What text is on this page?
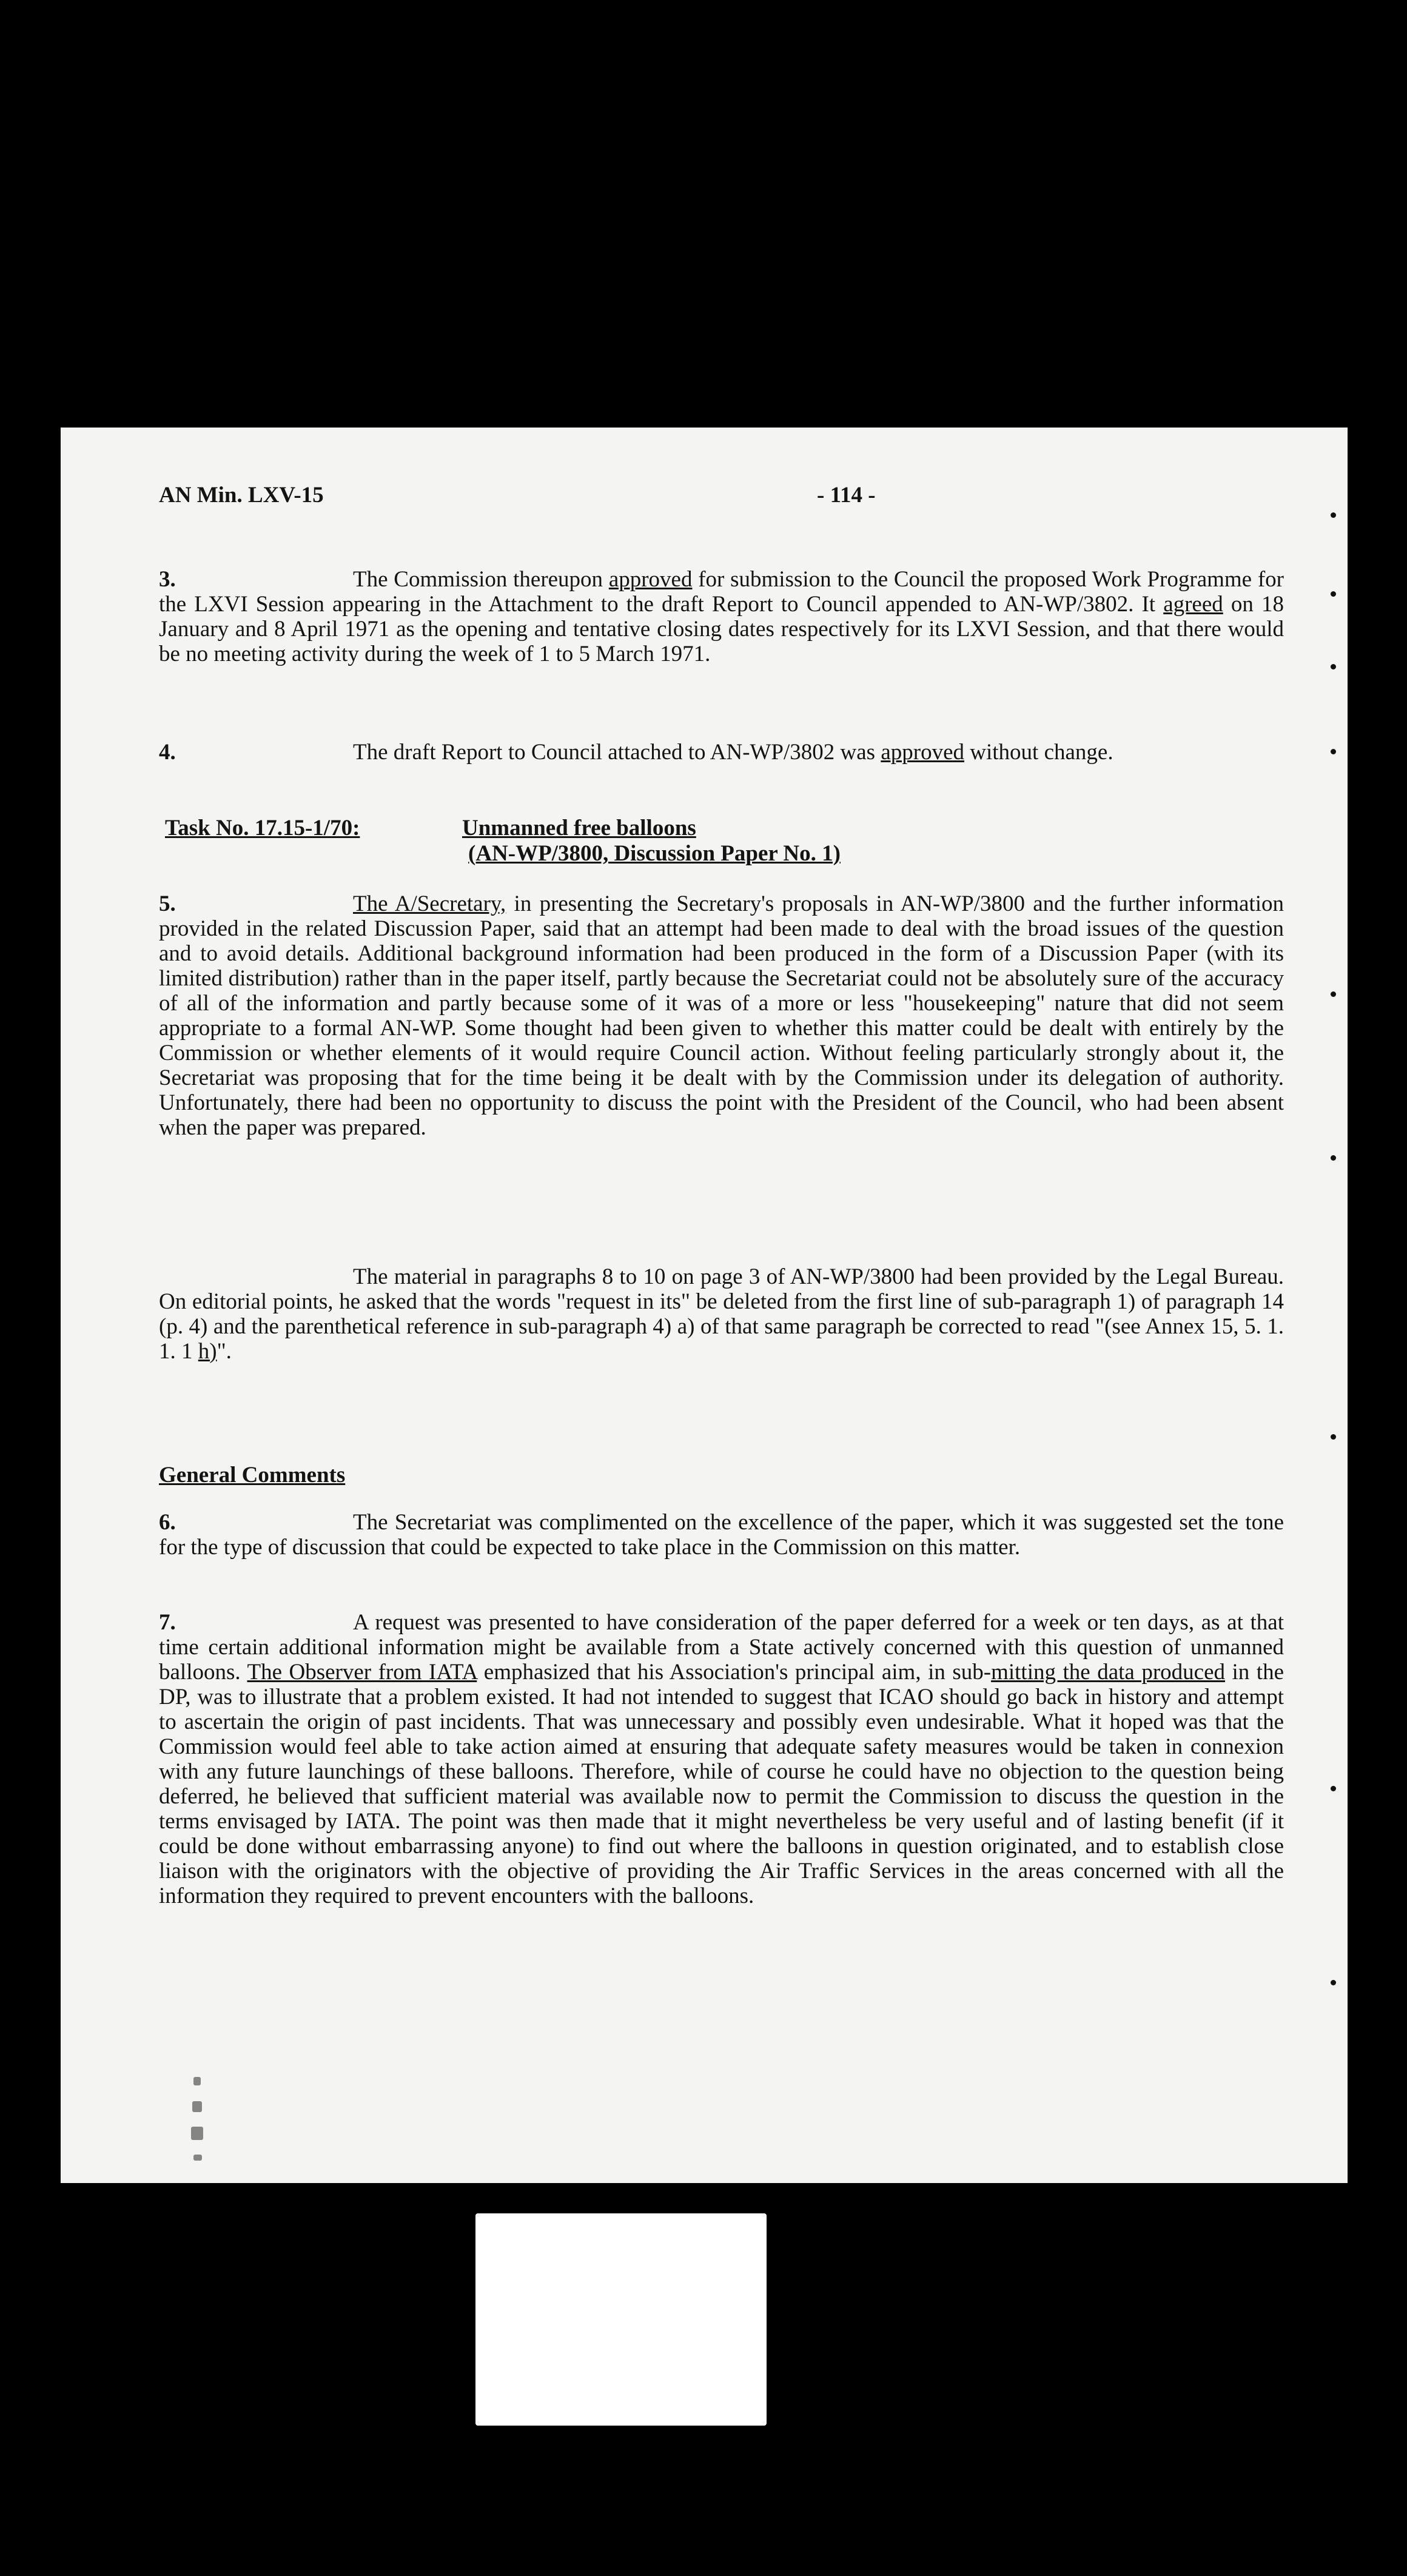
AN Min. LXV-15	- 114 -

3.	The Commission thereupon approved for submission to the Council the proposed Work Programme for the LXVI Session appearing in the Attachment to the draft Report to Council appended to AN-WP/3802. It agreed on 18 January and 8 April 1971 as the opening and tentative closing dates respectively for its LXVI Session, and that there would be no meeting activity during the week of 1 to 5 March 1971.

4.	The draft Report to Council attached to AN-WP/3802 was approved without change.

Task No. 17.15-1/70:	Unmanned free balloons
(AN-WP/3800, Discussion Paper No. 1)

5.	The A/Secretary, in presenting the Secretary's proposals in AN-WP/3800 and the further information provided in the related Discussion Paper, said that an attempt had been made to deal with the broad issues of the question and to avoid details. Additional background information had been produced in the form of a Discussion Paper (with its limited distribution) rather than in the paper itself, partly because the Secretariat could not be absolutely sure of the accuracy of all of the information and partly because some of it was of a more or less "housekeeping" nature that did not seem appropriate to a formal AN-WP. Some thought had been given to whether this matter could be dealt with entirely by the Commission or whether elements of it would require Council action. Without feeling particularly strongly about it, the Secretariat was proposing that for the time being it be dealt with by the Commission under its delegation of authority. Unfortunately, there had been no opportunity to discuss the point with the President of the Council, who had been absent when the paper was prepared.

The material in paragraphs 8 to 10 on page 3 of AN-WP/3800 had been provided by the Legal Bureau. On editorial points, he asked that the words "request in its" be deleted from the first line of sub-paragraph 1) of paragraph 14 (p. 4) and the parenthetical reference in sub-paragraph 4) a) of that same paragraph be corrected to read "(see Annex 15, 5. 1. 1. 1 h)".

General Comments

6.	The Secretariat was complimented on the excellence of the paper, which it was suggested set the tone for the type of discussion that could be expected to take place in the Commission on this matter.

7.	A request was presented to have consideration of the paper deferred for a week or ten days, as at that time certain additional information might be available from a State actively concerned with this question of unmanned balloons. The Observer from IATA emphasized that his Association's principal aim, in sub-mitting the data produced in the DP, was to illustrate that a problem existed. It had not intended to suggest that ICAO should go back in history and attempt to ascertain the origin of past incidents. That was unnecessary and possibly even undesirable. What it hoped was that the Commission would feel able to take action aimed at ensuring that adequate safety measures would be taken in connexion with any future launchings of these balloons. Therefore, while of course he could have no objection to the question being deferred, he believed that sufficient material was available now to permit the Commission to discuss the question in the terms envisaged by IATA. The point was then made that it might nevertheless be very useful and of lasting benefit (if it could be done without embarrassing anyone) to find out where the balloons in question originated, and to establish close liaison with the originators with the objective of providing the Air Traffic Services in the areas concerned with all the information they required to prevent encounters with the balloons.
